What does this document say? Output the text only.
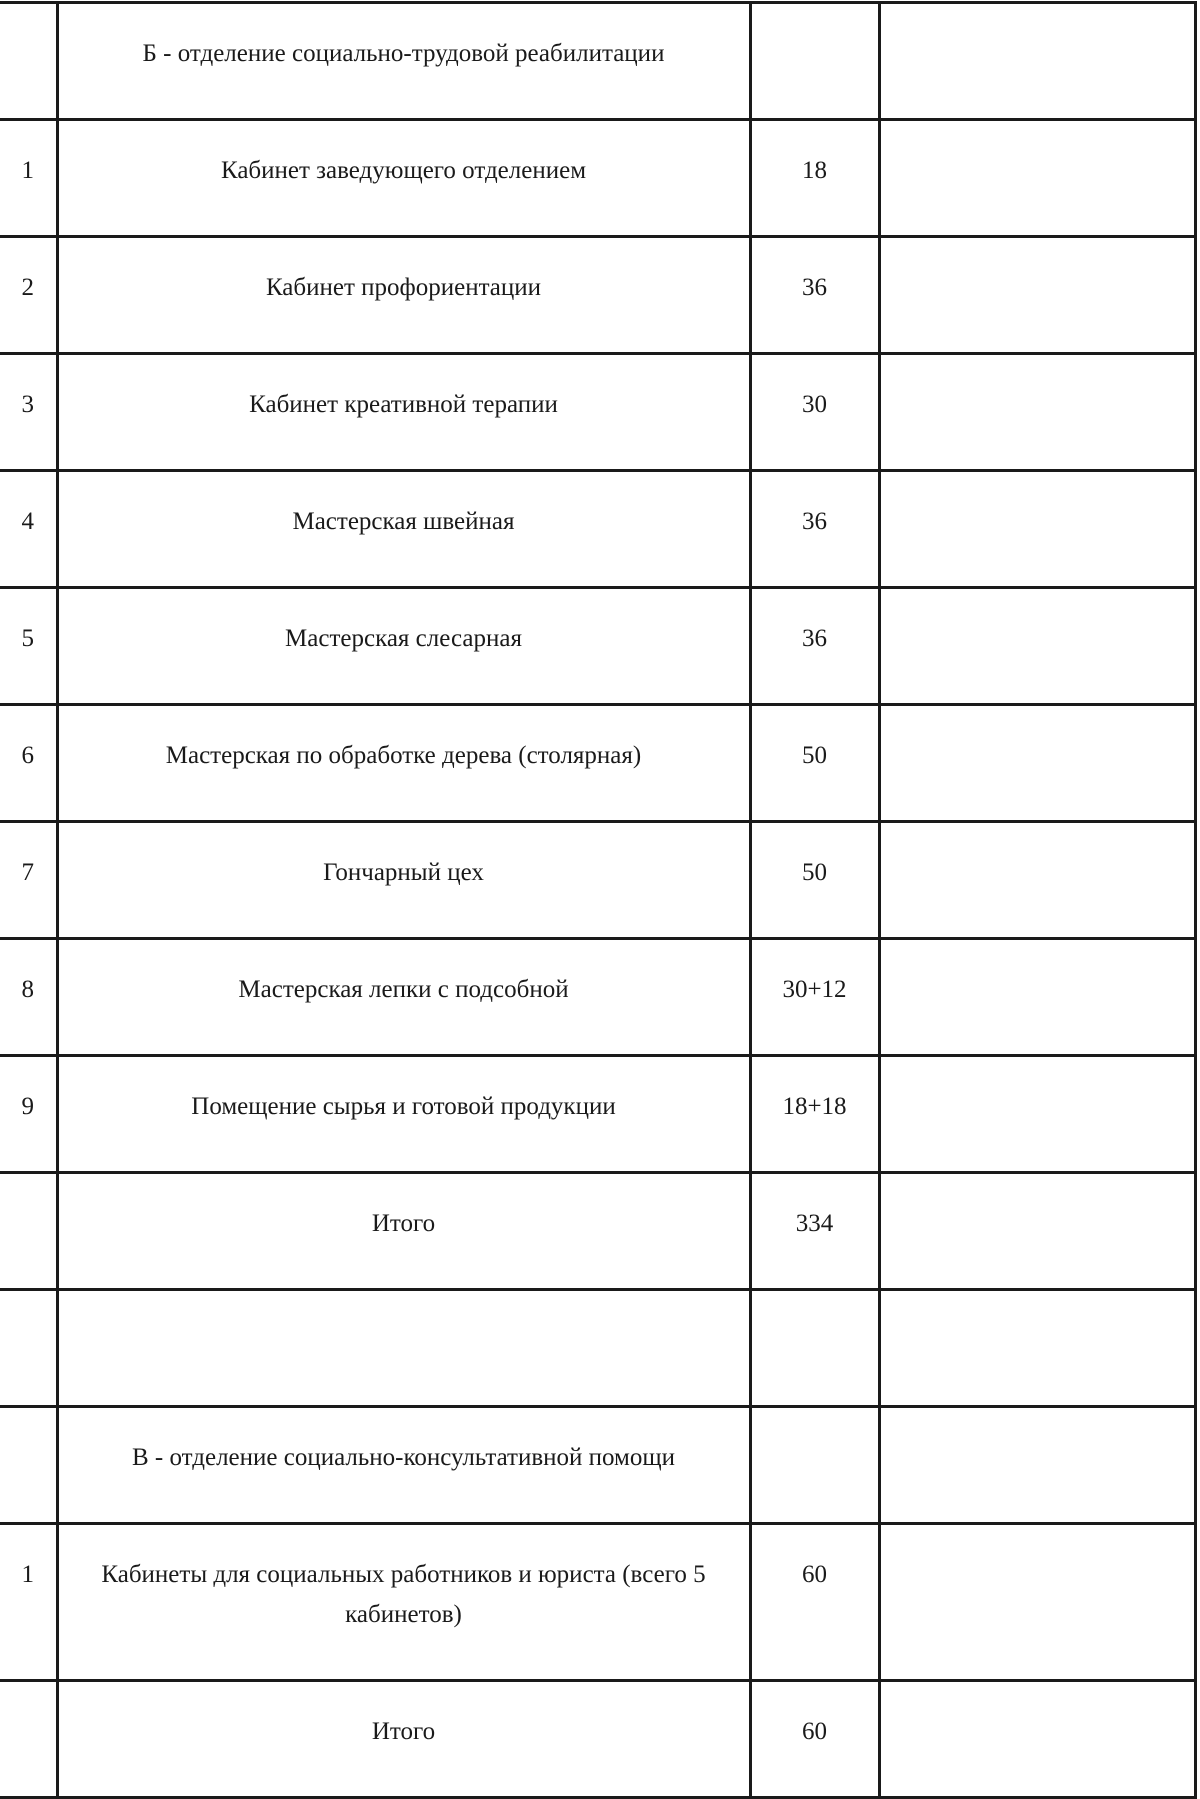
	Б - отделение социально-трудовой реабилитации		

1	Кабинет заведующего отделением	18	

2	Кабинет профориентации	36	

3	Кабинет креативной терапии	30	

4	Мастерская швейная	36	

5	Мастерская слесарная	36	

6	Мастерская по обработке дерева (столярная)	50	

7	Гончарный цех	50	

8	Мастерская лепки с подсобной	30+12	

9	Помещение сырья и готовой продукции	18+18	

	Итого	334	

	В - отделение социально-консультативной помощи		

1	Кабинеты для социальных работников и юриста (всего 5 кабинетов)	60	

	Итого	60	
